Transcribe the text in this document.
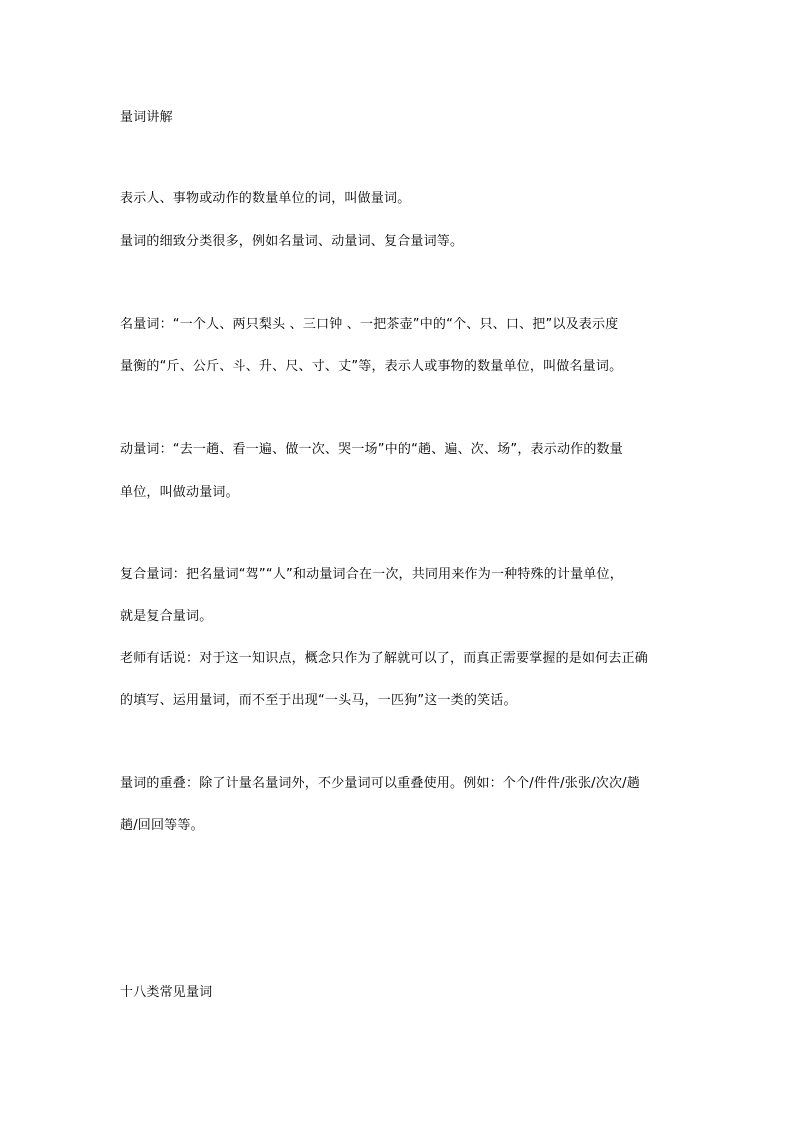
量词讲解
表示人、事物或动作的数量单位的词，叫做量词。
量词的细致分类很多，例如名量词、动量词、复合量词等。
名量词：“一个人、两只梨头 、三口钟 、一把茶壶”中的“个、只、口、把”以及表示度
量衡的“斤、公斤、斗、升、尺、寸、丈”等，表示人或事物的数量单位，叫做名量词。
动量词：“去一趟、看一遍、做一次、哭一场”中的“趟、遍、次、场”，表示动作的数量
单位，叫做动量词。
复合量词：把名量词“驾”“人”和动量词合在一次，共同用来作为一种特殊的计量单位，
就是复合量词。
老师有话说：对于这一知识点，概念只作为了解就可以了，而真正需要掌握的是如何去正确
的填写、运用量词，而不至于出现“一头马，一匹狗”这一类的笑话。
量词的重叠：除了计量名量词外，不少量词可以重叠使用。例如：个个/件件/张张/次次/趟
趟/回回等等。
十八类常见量词
